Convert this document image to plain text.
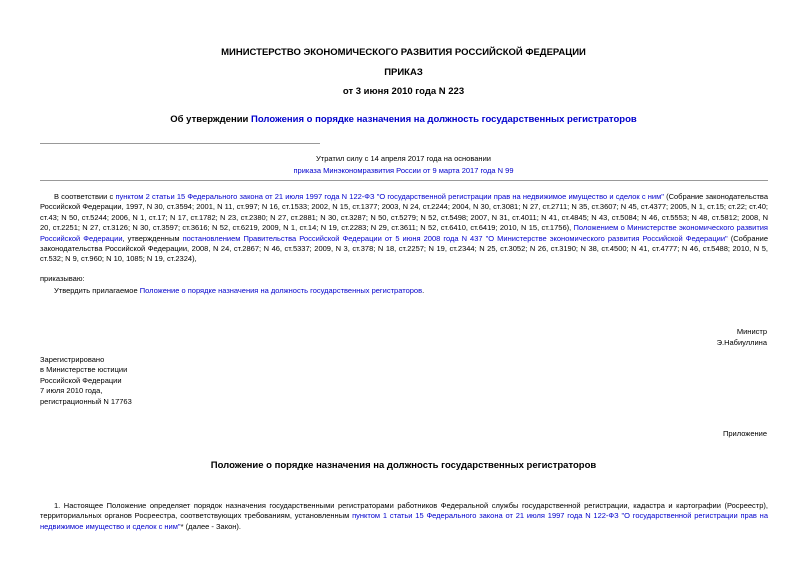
МИНИСТЕРСТВО ЭКОНОМИЧЕСКОГО РАЗВИТИЯ РОССИЙСКОЙ ФЕДЕРАЦИИ
ПРИКАЗ
от 3 июня 2010 года N 223
Об утверждении Положения о порядке назначения на должность государственных регистраторов
Утратил силу с 14 апреля 2017 года на основании
приказа Минэкономразвития России от 9 марта 2017 года N 99
В соответствии с пунктом 2 статьи 15 Федерального закона от 21 июля 1997 года N 122-ФЗ "О государственной регистрации прав на недвижимое имущество и сделок с ним" (Собрание законодательства Российской Федерации, 1997, N 30, ст.3594; 2001, N 11, ст.997; N 16, ст.1533; 2002, N 15, ст.1377; 2003, N 24, ст.2244; 2004, N 30, ст.3081; N 27, ст.2711; N 35, ст.3607; N 45, ст.4377; 2005, N 1, ст.15; ст.22; ст.40; ст.43; N 50, ст.5244; 2006, N 1, ст.17; N 17, ст.1782; N 23, ст.2380; N 27, ст.2881; N 30, ст.3287; N 50, ст.5279; N 52, ст.5498; 2007, N 31, ст.4011; N 41, ст.4845; N 43, ст.5084; N 46, ст.5553; N 48, ст.5812; 2008, N 20, ст.2251; N 27, ст.3126; N 30, ст.3597; ст.3616; N 52, ст.6219, 2009, N 1, ст.14; N 19, ст.2283; N 29, ст.3611; N 52, ст.6410, ст.6419; 2010, N 15, ст.1756), Положением о Министерстве экономического развития Российской Федерации, утвержденным постановлением Правительства Российской Федерации от 5 июня 2008 года N 437 "О Министерстве экономического развития Российской Федерации" (Собрание законодательства Российской Федерации, 2008, N 24, ст.2867; N 46, ст.5337; 2009, N 3, ст.378; N 18, ст.2257; N 19, ст.2344; N 25, ст.3052; N 26, ст.3190; N 38, ст.4500; N 41, ст.4777; N 46, ст.5488; 2010, N 5, ст.532; N 9, ст.960; N 10, 1085; N 19, ст.2324),
приказываю:
Утвердить прилагаемое Положение о порядке назначения на должность государственных регистраторов.
Министр
Э.Набиуллина
Зарегистрировано
в Министерстве юстиции
Российской Федерации
7 июля 2010 года,
регистрационный N 17763
Приложение
Положение о порядке назначения на должность государственных регистраторов
1. Настоящее Положение определяет порядок назначения государственными регистраторами работников Федеральной службы государственной регистрации, кадастра и картографии (Росреестр), территориальных органов Росреестра, соответствующих требованиям, установленным пунктом 1 статьи 15 Федерального закона от 21 июля 1997 года N 122-ФЗ "О государственной регистрации прав на недвижимое имущество и сделок с ним"* (далее - Закон).
